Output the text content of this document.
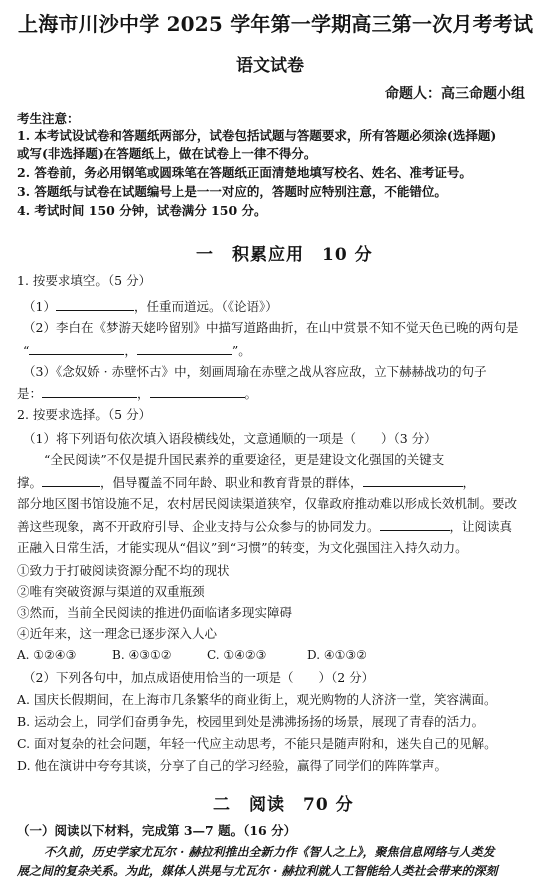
上海市川沙中学 2025 学年第一学期高三第一次月考考试
语文试卷
命题人：高三命题小组
考生注意：
1. 本考试设试卷和答题纸两部分，试卷包括试题与答题要求，所有答题必须涂(选择题)
或写(非选择题)在答题纸上，做在试卷上一律不得分。
2. 答卷前，务必用钢笔或圆珠笔在答题纸正面清楚地填写校名、姓名、准考证号。
3. 答题纸与试卷在试题编号上是一一对应的，答题时应特别注意，不能错位。
4. 考试时间 150 分钟，试卷满分 150 分。
一　积累应用　10 分
1. 按要求填空。（5 分）
（1）	，任重而道远。（《论语》）
（2）李白在《梦游天姥吟留别》中描写道路曲折，在山中赏景不知不觉天色已晚的两句是
“	，	”。
（3）《念奴娇 · 赤壁怀古》中，刻画周瑜在赤壁之战从容应敌，立下赫赫战功的句子
是：	，	。
2. 按要求选择。（5 分）
（1）将下列语句依次填入语段横线处，文意通顺的一项是（　　）（3 分）
“全民阅读”不仅是提升国民素养的重要途径，更是建设文化强国的关键支
撑。	，倡导覆盖不同年龄、职业和教育背景的群体，	，
部分地区图书馆设施不足，农村居民阅读渠道狭窄，仅靠政府推动难以形成长效机制。要改
善这些现象，离不开政府引导、企业支持与公众参与的协同发力。	，让阅读真
正融入日常生活，才能实现从“倡议”到“习惯”的转变，为文化强国注入持久动力。
①致力于打破阅读资源分配不均的现状
②唯有突破资源与渠道的双重瓶颈
③然而，当前全民阅读的推进仍面临诸多现实障碍
④近年来，这一理念已逐步深入人心
A. ①②④③	B. ④③①②	C. ①④②③	D. ④①③②
（2）下列各句中，加点成语使用恰当的一项是（　　）（2 分）
A. 国庆长假期间，在上海市几条繁华的商业街上，观光购物的人济济一堂，笑容满面。
B. 运动会上，同学们奋勇争先，校园里到处是沸沸扬扬的场景，展现了青春的活力。
C. 面对复杂的社会问题，年轻一代应主动思考，不能只是随声附和，迷失自己的见解。
D. 他在演讲中夸夸其谈，分享了自己的学习经验，赢得了同学们的阵阵掌声。
二　阅读　70 分
（一）阅读以下材料，完成第 3—7 题。（16 分）
不久前，历史学家尤瓦尔 · 赫拉利推出全新力作《智人之上》，聚焦信息网络与人类发
展之间的复杂关系。为此，媒体人洪晃与尤瓦尔 · 赫拉利就人工智能给人类社会带来的深刻
